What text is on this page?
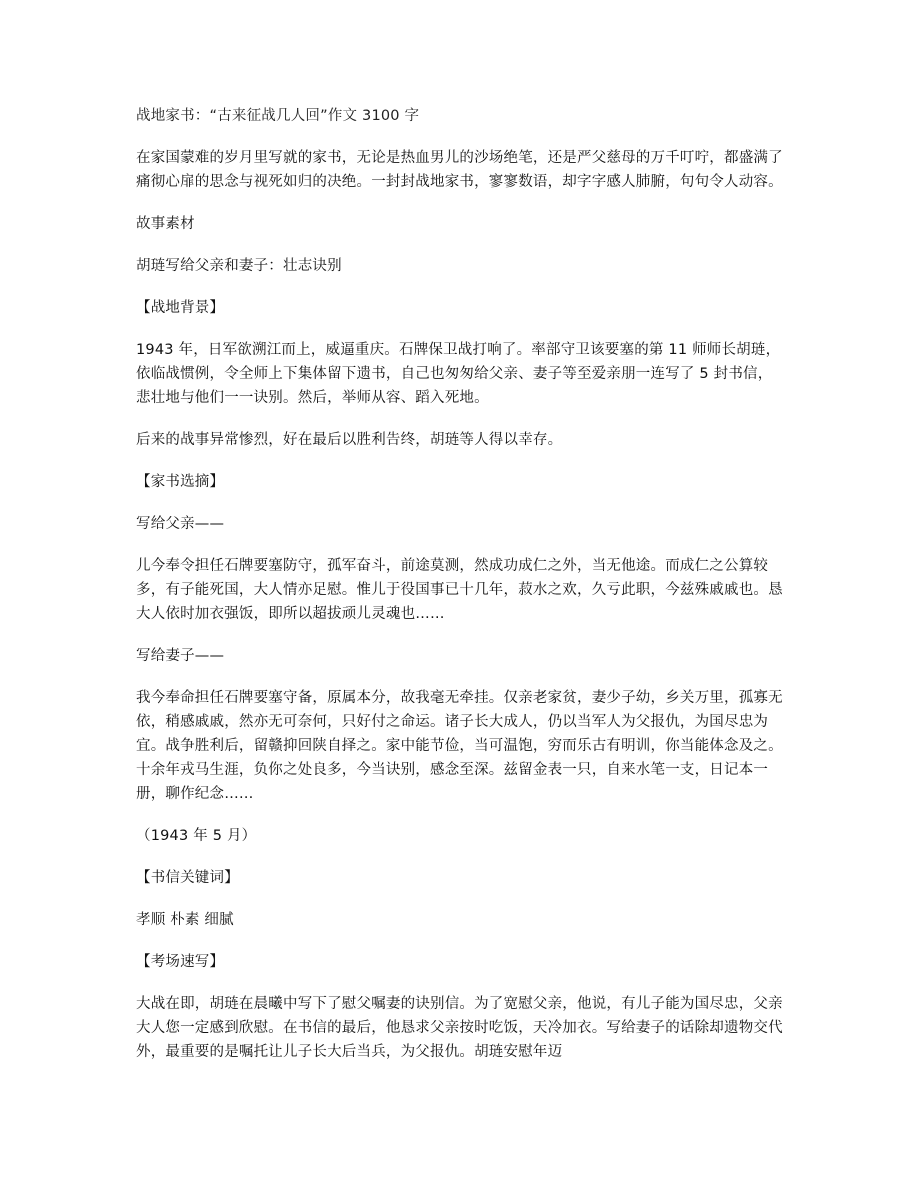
战地家书：“古来征战几人回”作文 3100 字

在家国蒙难的岁月里写就的家书，无论是热血男儿的沙场绝笔，还是严父慈母的万千叮咛，都盛满了痛彻心扉的思念与视死如归的决绝。一封封战地家书，寥寥数语，却字字感人肺腑，句句令人动容。

故事素材

胡琏写给父亲和妻子：壮志诀别

【战地背景】

1943 年，日军欲溯江而上，威逼重庆。石牌保卫战打响了。率部守卫该要塞的第 11 师师长胡琏，依临战惯例，令全师上下集体留下遗书，自己也匆匆给父亲、妻子等至爱亲朋一连写了 5 封书信，悲壮地与他们一一诀别。然后，举师从容、蹈入死地。

后来的战事异常惨烈，好在最后以胜利告终，胡琏等人得以幸存。

【家书选摘】

写给父亲——

儿今奉令担任石牌要塞防守，孤军奋斗，前途莫测，然成功成仁之外，当无他途。而成仁之公算较多，有子能死国，大人情亦足慰。惟儿于役国事已十几年，菽水之欢，久亏此职，今兹殊戚戚也。恳大人依时加衣强饭，即所以超拔顽儿灵魂也……

写给妻子——

我今奉命担任石牌要塞守备，原属本分，故我毫无牵挂。仅亲老家贫，妻少子幼，乡关万里，孤寡无依，稍感戚戚，然亦无可奈何，只好付之命运。诸子长大成人，仍以当军人为父报仇，为国尽忠为宜。战争胜利后，留赣抑回陕自择之。家中能节俭，当可温饱，穷而乐古有明训，你当能体念及之。十余年戎马生涯，负你之处良多，今当诀别，感念至深。兹留金表一只，自来水笔一支，日记本一册，聊作纪念……

（1943 年 5 月）

【书信关键词】

孝顺 朴素 细腻

【考场速写】

大战在即，胡琏在晨曦中写下了慰父嘱妻的诀别信。为了宽慰父亲，他说，有儿子能为国尽忠，父亲大人您一定感到欣慰。在书信的最后，他恳求父亲按时吃饭，天冷加衣。写给妻子的话除却遗物交代外，最重要的是嘱托让儿子长大后当兵，为父报仇。胡琏安慰年迈
